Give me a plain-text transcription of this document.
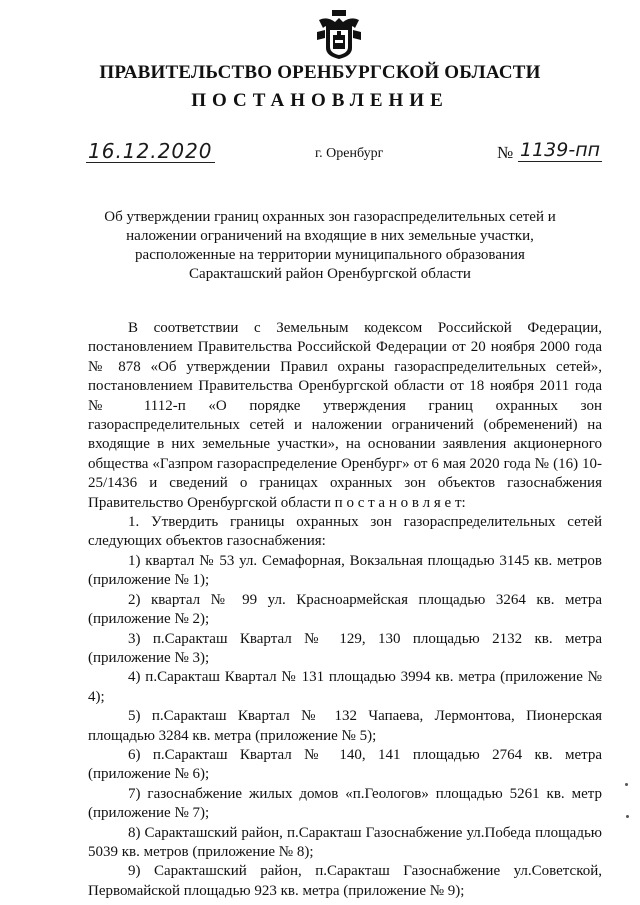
ПРАВИТЕЛЬСТВО ОРЕНБУРГСКОЙ ОБЛАСТИ
ПОСТАНОВЛЕНИЕ
16.12.2020	г. Оренбург	№ 1139-пп
Об утверждении границ охранных зон газораспределительных сетей и наложении ограничений на входящие в них земельные участки, расположенные на территории муниципального образования Саракташский район Оренбургской области

В соответствии с Земельным кодексом Российской Федерации, постановлением Правительства Российской Федерации от 20 ноября 2000 года № 878 «Об утверждении Правил охраны газораспределительных сетей», постановлением Правительства Оренбургской области от 18 ноября 2011 года № 1112-п «О порядке утверждения границ охранных зон газораспределительных сетей и наложении ограничений (обременений) на входящие в них земельные участки», на основании заявления акционерного общества «Газпром газораспределение Оренбург» от 6 мая 2020 года № (16) 10-25/1436 и сведений о границах охранных зон объектов газоснабжения Правительство Оренбургской области п о с т а н о в л я е т:

1. Утвердить границы охранных зон газораспределительных сетей следующих объектов газоснабжения:

1) квартал № 53 ул. Семафорная, Вокзальная площадью 3145 кв. метров (приложение № 1);

2) квартал № 99 ул. Красноармейская площадью 3264 кв. метра (приложение № 2);

3) п.Саракташ Квартал № 129, 130 площадью 2132 кв. метра (приложение № 3);

4) п.Саракташ Квартал № 131 площадью 3994 кв. метра (приложение № 4);

5) п.Саракташ Квартал № 132 Чапаева, Лермонтова, Пионерская площадью 3284 кв. метра (приложение № 5);

6) п.Саракташ Квартал № 140, 141 площадью 2764 кв. метра (приложение № 6);

7) газоснабжение жилых домов «п.Геологов» площадью 5261 кв. метр (приложение № 7);

8) Саракташский район, п.Саракташ Газоснабжение ул.Победа площадью 5039 кв. метров (приложение № 8);

9) Саракташский район, п.Саракташ Газоснабжение ул.Советской, Первомайской площадью 923 кв. метра (приложение № 9);
